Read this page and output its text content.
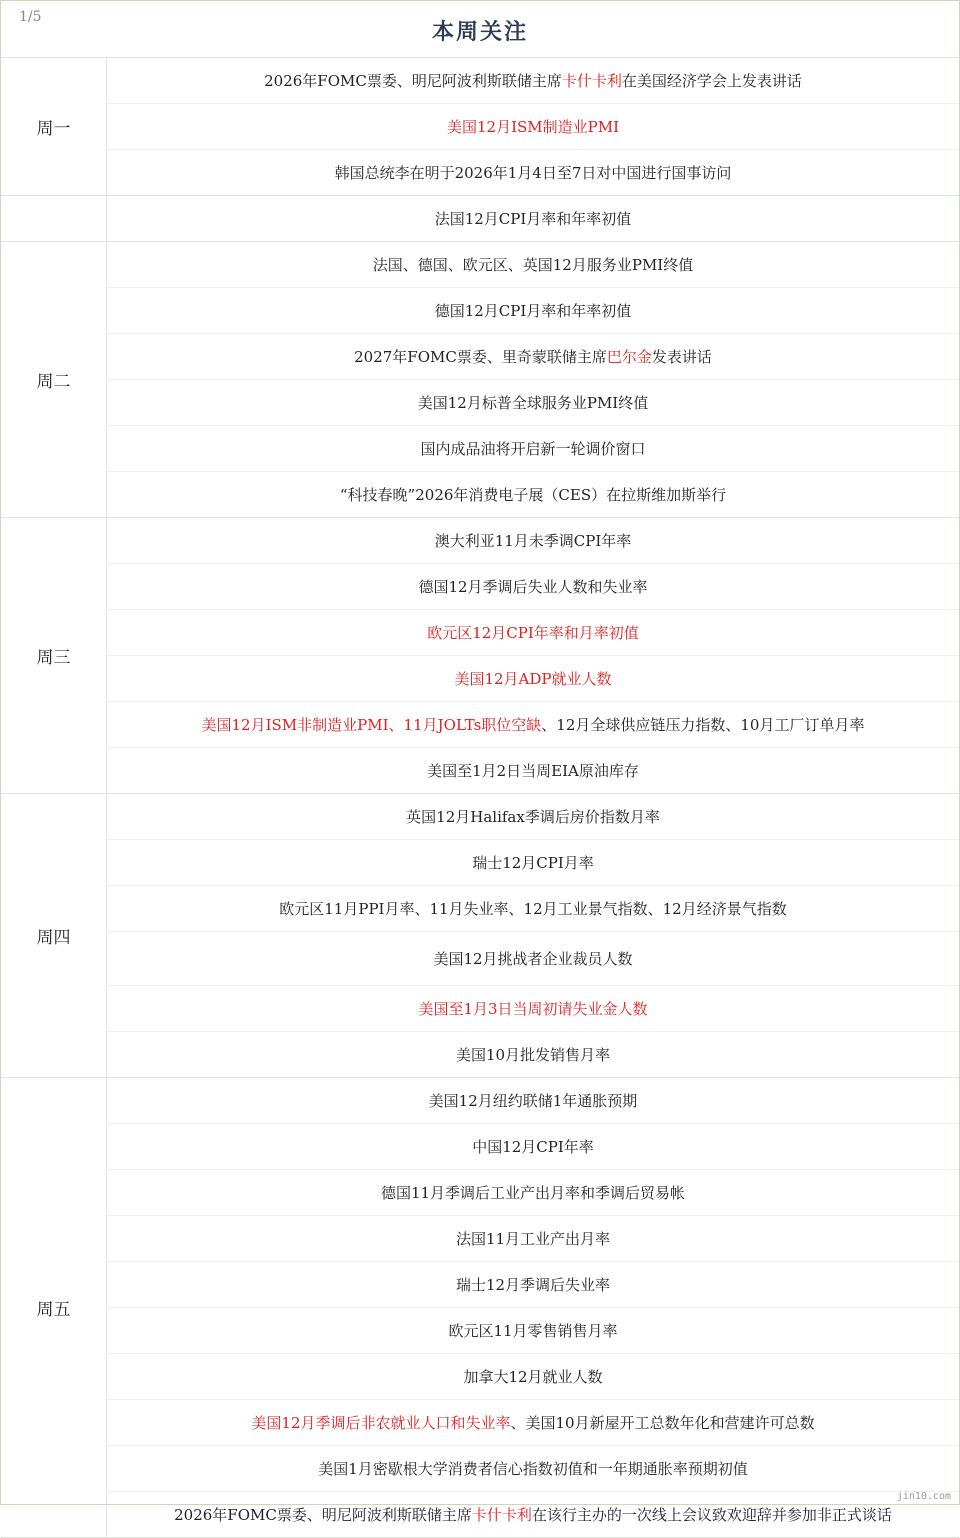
1/5
本周关注
周一
2026年FOMC票委、明尼阿波利斯联储主席 卡什卡利 在美国经济学会上发表讲话
美国12月ISM制造业PMI
韩国总统李在明于2026年1月4日至7日对中国进行国事访问
法国12月CPI月率和年率初值
周二
法国、德国、欧元区、英国12月服务业PMI终值
德国12月CPI月率和年率初值
2027年FOMC票委、里奇蒙联储主席 巴尔金 发表讲话
美国12月标普全球服务业PMI终值
国内成品油将开启新一轮调价窗口
“科技春晚”2026年消费电子展（CES）在拉斯维加斯举行
周三
澳大利亚11月未季调CPI年率
德国12月季调后失业人数和失业率
欧元区12月CPI年率和月率初值
美国12月ADP就业人数
美国12月ISM非制造业PMI、11月JOLTs职位空缺 、12月全球供应链压力指数、10月工厂订单月率
美国至1月2日当周EIA原油库存
周四
英国12月Halifax季调后房价指数月率
瑞士12月CPI月率
欧元区11月PPI月率、11月失业率、12月工业景气指数、12月经济景气指数
美国12月挑战者企业裁员人数
美国至1月3日当周初请失业金人数
美国10月批发销售月率
周五
美国12月纽约联储1年通胀预期
中国12月CPI年率
德国11月季调后工业产出月率和季调后贸易帐
法国11月工业产出月率
瑞士12月季调后失业率
欧元区11月零售销售月率
加拿大12月就业人数
美国12月季调后非农就业人口和失业率 、美国10月新屋开工总数年化和营建许可总数
美国1月密歇根大学消费者信心指数初值和一年期通胀率预期初值
2026年FOMC票委、明尼阿波利斯联储主席 卡什卡利 在该行主办的一次线上会议致欢迎辞并参加非正式谈话
jin10.com
